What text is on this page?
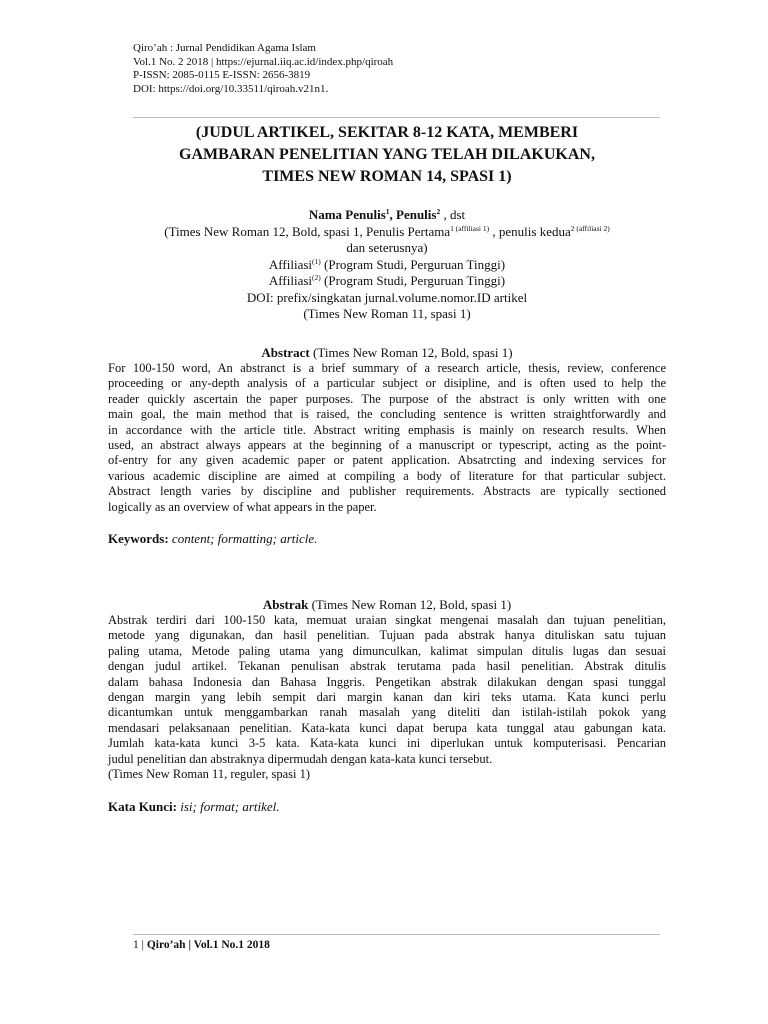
Qiro’ah : Jurnal Pendidikan Agama Islam
Vol.1 No. 2 2018 | https://ejurnal.iiq.ac.id/index.php/qiroah
P-ISSN: 2085-0115 E-ISSN: 2656-3819
DOI: https://doi.org/10.33511/qiroah.v21n1.
(JUDUL ARTIKEL, SEKITAR 8-12 KATA, MEMBERI
GAMBARAN PENELITIAN YANG TELAH DILAKUKAN,
TIMES NEW ROMAN 14, SPASI 1)
Nama Penulis$^1$, Penulis$^2$ , dst
(Times New Roman 12, Bold, spasi 1, Penulis Pertama$^{1 (affiliasi 1)}$ , penulis kedua$^{2 (affiliasi 2)}$
dan seterusnya)
Affiliasi$^{(1)}$ (Program Studi, Perguruan Tinggi)
Affiliasi$^{(2)}$ (Program Studi, Perguruan Tinggi)
DOI: prefix/singkatan jurnal.volume.nomor.ID artikel
(Times New Roman 11, spasi 1)
Abstract (Times New Roman 12, Bold, spasi 1)
For 100-150 word, An abstranct is a brief summary of a research article, thesis, review, conference
proceeding or any-depth analysis of a particular subject or disipline, and is often used to help the
reader quickly ascertain the paper purposes. The purpose of the abstract is only written with one
main goal, the main method that is raised, the concluding sentence is written straightforwardly and
in accordance with the article title. Abstract writing emphasis is mainly on research results. When
used, an abstract always appears at the beginning of a manuscript or typescript, acting as the point-
of-entry for any given academic paper or patent application. Absatrcting and indexing services for
various academic discipline are aimed at compiling a body of literature for that particular subject.
Abstract length varies by discipline and publisher requirements. Abstracts are typically sectioned
logically as an overview of what appears in the paper.
Keywords: content; formatting; article.
Abstrak (Times New Roman 12, Bold, spasi 1)
Abstrak terdiri dari 100-150 kata, memuat uraian singkat mengenai masalah dan tujuan penelitian,
metode yang digunakan, dan hasil penelitian. Tujuan pada abstrak hanya dituliskan satu tujuan
paling utama, Metode paling utama yang dimunculkan, kalimat simpulan ditulis lugas dan sesuai
dengan judul artikel. Tekanan penulisan abstrak terutama pada hasil penelitian. Abstrak ditulis
dalam bahasa Indonesia dan Bahasa Inggris. Pengetikan abstrak dilakukan dengan spasi tunggal
dengan margin yang lebih sempit dari margin kanan dan kiri teks utama. Kata kunci perlu
dicantumkan untuk menggambarkan ranah masalah yang diteliti dan istilah-istilah pokok yang
mendasari pelaksanaan penelitian. Kata-kata kunci dapat berupa kata tunggal atau gabungan kata.
Jumlah kata-kata kunci 3-5 kata. Kata-kata kunci ini diperlukan untuk komputerisasi. Pencarian
judul penelitian dan abstraknya dipermudah dengan kata-kata kunci tersebut.
(Times New Roman 11, reguler, spasi 1)
Kata Kunci: isi; format; artikel.
1 | Qiro’ah | Vol.1 No.1 2018
